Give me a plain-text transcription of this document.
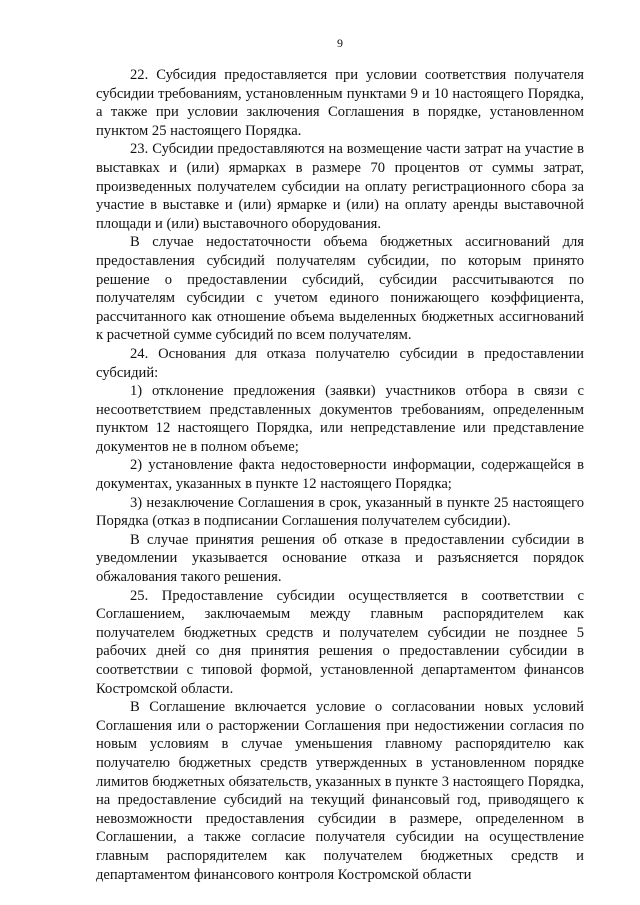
9

22. Субсидия предоставляется при условии соответствия получателя субсидии требованиям, установленным пунктами 9 и 10 настоящего Порядка, а также при условии заключения Соглашения в порядке, установленном пунктом 25 настоящего Порядка.

23. Субсидии предоставляются на возмещение части затрат на участие в выставках и (или) ярмарках в размере 70 процентов от суммы затрат, произведенных получателем субсидии на оплату регистрационного сбора за участие в выставке и (или) ярмарке и (или) на оплату аренды выставочной площади и (или) выставочного оборудования.

В случае недостаточности объема бюджетных ассигнований для предоставления субсидий получателям субсидии, по которым принято решение о предоставлении субсидий, субсидии рассчитываются по получателям субсидии с учетом единого понижающего коэффициента, рассчитанного как отношение объема выделенных бюджетных ассигнований к расчетной сумме субсидий по всем получателям.

24. Основания для отказа получателю субсидии в предоставлении субсидий:

1) отклонение предложения (заявки) участников отбора в связи с несоответствием представленных документов требованиям, определенным пунктом 12 настоящего Порядка, или непредставление или представление документов не в полном объеме;

2) установление факта недостоверности информации, содержащейся в документах, указанных в пункте 12 настоящего Порядка;

3) незаключение Соглашения в срок, указанный в пункте 25 настоящего Порядка (отказ в подписании Соглашения получателем субсидии).

В случае принятия решения об отказе в предоставлении субсидии в уведомлении указывается основание отказа и разъясняется порядок обжалования такого решения.

25. Предоставление субсидии осуществляется в соответствии с Соглашением, заключаемым между главным распорядителем как получателем бюджетных средств и получателем субсидии не позднее 5 рабочих дней со дня принятия решения о предоставлении субсидии в соответствии с типовой формой, установленной департаментом финансов Костромской области.

В Соглашение включается условие о согласовании новых условий Соглашения или о расторжении Соглашения при недостижении согласия по новым условиям в случае уменьшения главному распорядителю как получателю бюджетных средств утвержденных в установленном порядке лимитов бюджетных обязательств, указанных в пункте 3 настоящего Порядка, на предоставление субсидий на текущий финансовый год, приводящего к невозможности предоставления субсидии в размере, определенном в Соглашении, а также согласие получателя субсидии на осуществление главным распорядителем как получателем бюджетных средств и департаментом финансового контроля Костромской области
